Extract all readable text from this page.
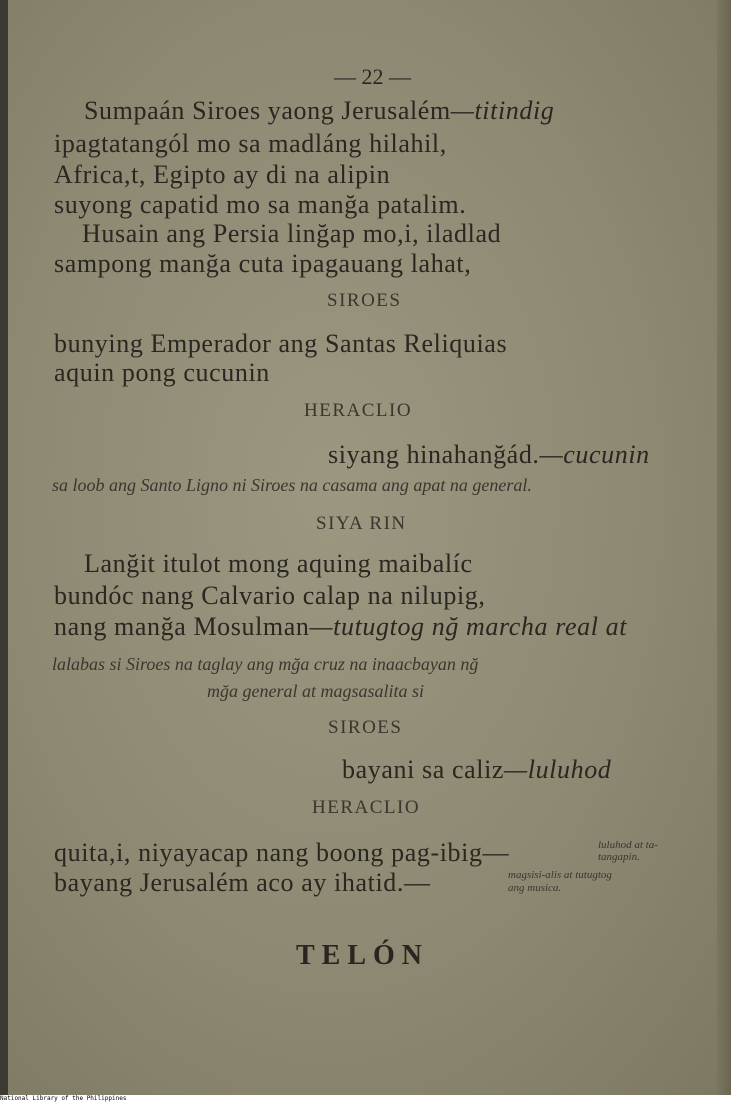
— 22 —
Sumpaán Siroes yaong Jerusalém—titindig
ipagtatangól mo sa madláng hilahil,
Africa,t, Egipto ay di na alipin
suyong capatid mo sa manğa patalim.
Husain ang Persia linğap mo,i, iladlad
sampong manğa cuta ipagauang lahat,
SIROES
bunying Emperador ang Santas Reliquias
aquin pong cucunin
HERACLIO
siyang hinahanğád.—cucunin
sa loob ang Santo Ligno ni Siroes na casama ang apat na general.
SIYA RIN
Lanğit itulot mong aquing maibalíc
bundóc nang Calvario calap na nilupig,
nang manğa Mosulman—tutugtog nğ marcha real at
lalabas si Siroes na taglay ang mğa cruz na inaacbayan nğ
mğa general at magsasalita si
SIROES
bayani sa caliz—luluhod
HERACLIO
quita,i, niyayacap nang boong pag-ibig—	luluhod at ta-
tangapin.
bayang Jerusalém aco ay ihatid.—	magsisi-alis at tutugtog
ang musica.
TELÓN
National Library of the Philippines
